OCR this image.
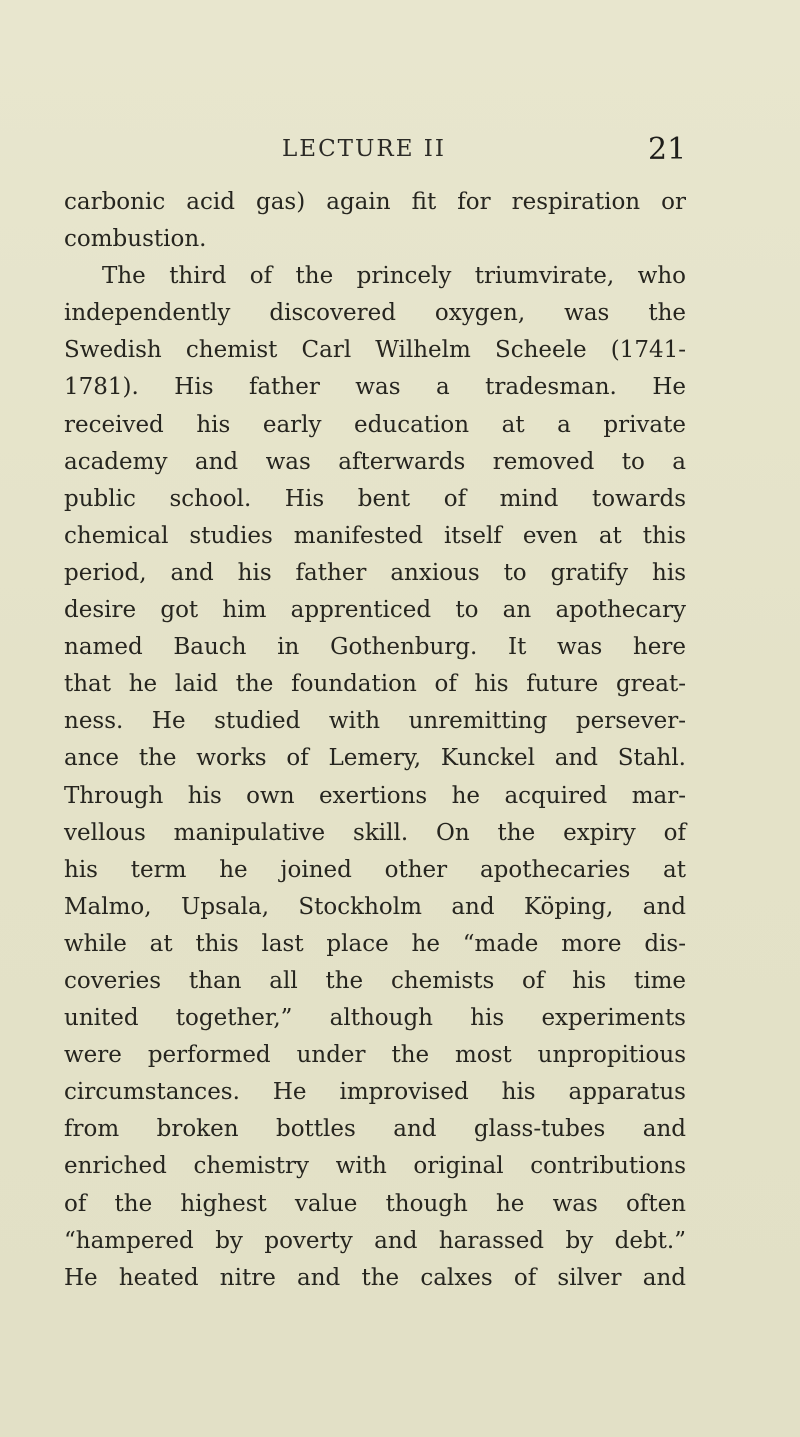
LECTURE II	21
carbonic acid gas) again fit for respiration or
combustion.
The third of the princely triumvirate, who
independently discovered oxygen, was the
Swedish chemist Carl Wilhelm Scheele (1741-
1781). His father was a tradesman. He
received his early education at a private
academy and was afterwards removed to a
public school. His bent of mind towards
chemical studies manifested itself even at this
period, and his father anxious to gratify his
desire got him apprenticed to an apothecary
named Bauch in Gothenburg. It was here
that he laid the foundation of his future great-
ness. He studied with unremitting persever-
ance the works of Lemery, Kunckel and Stahl.
Through his own exertions he acquired mar-
vellous manipulative skill. On the expiry of
his term he joined other apothecaries at
Malmo, Upsala, Stockholm and Köping, and
while at this last place he “made more dis-
coveries than all the chemists of his time
united together,” although his experiments
were performed under the most unpropitious
circumstances. He improvised his apparatus
from broken bottles and glass-tubes and
enriched chemistry with original contributions
of the highest value though he was often
“hampered by poverty and harassed by debt.”
He heated nitre and the calxes of silver and
